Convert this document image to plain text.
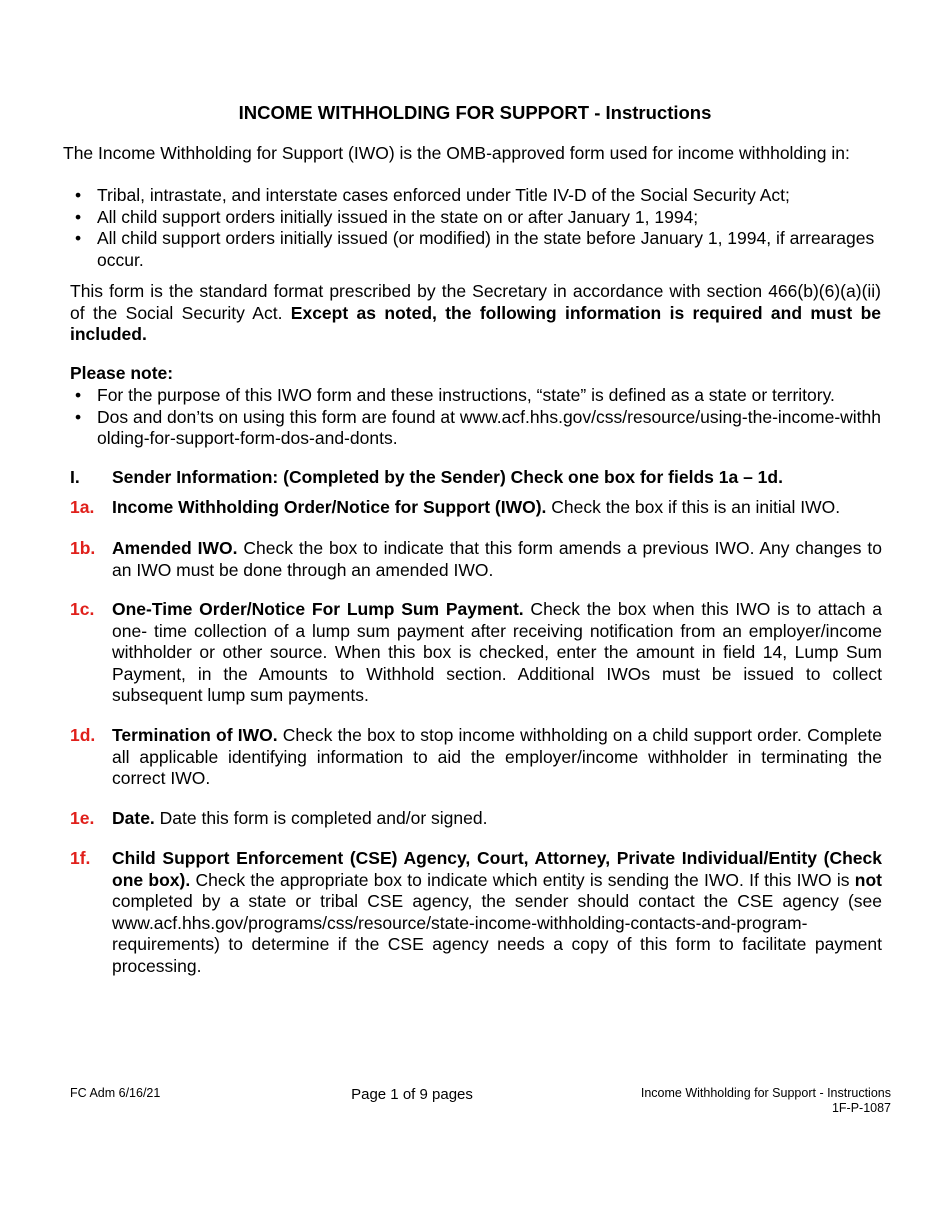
INCOME WITHHOLDING FOR SUPPORT - Instructions
The Income Withholding for Support (IWO) is the OMB-approved form used for income withholding in:
• Tribal, intrastate, and interstate cases enforced under Title IV-D of the Social Security Act;
• All child support orders initially issued in the state on or after January 1, 1994;
• All child support orders initially issued (or modified) in the state before January 1, 1994, if arrearages occur.
This form is the standard format prescribed by the Secretary in accordance with section 466(b)(6)(a)(ii) of the Social Security Act. Except as noted, the following information is required and must be included.
Please note:
• For the purpose of this IWO form and these instructions, “state” is defined as a state or territory.
• Dos and don’ts on using this form are found at www.acf.hhs.gov/css/resource/using-the-income-withholding-for-support-form-dos-and-donts.
I.	Sender Information: (Completed by the Sender) Check one box for fields 1a – 1d.
1a.	Income Withholding Order/Notice for Support (IWO). Check the box if this is an initial IWO.
1b. Amended IWO. Check the box to indicate that this form amends a previous IWO. Any changes to an IWO must be done through an amended IWO.
1c.	One-Time Order/Notice For Lump Sum Payment. Check the box when this IWO is to attach a one- time collection of a lump sum payment after receiving notification from an employer/income withholder or other source. When this box is checked, enter the amount in field 14, Lump Sum Payment, in the Amounts to Withhold section. Additional IWOs must be issued to collect subsequent lump sum payments.
1d. Termination of IWO. Check the box to stop income withholding on a child support order. Complete all applicable identifying information to aid the employer/income withholder in terminating the correct IWO.
1e.	Date. Date this form is completed and/or signed.
1f.	Child Support Enforcement (CSE) Agency, Court, Attorney, Private Individual/Entity (Check one box). Check the appropriate box to indicate which entity is sending the IWO. If this IWO is not completed by a state or tribal CSE agency, the sender should contact the CSE agency (see www.acf.hhs.gov/programs/css/resource/state-income-withholding-contacts-and-program-requirements) to determine if the CSE agency needs a copy of this form to facilitate payment processing.
FC Adm 6/16/21	Page 1 of 9 pages	Income Withholding for Support - Instructions
1F-P-1087
